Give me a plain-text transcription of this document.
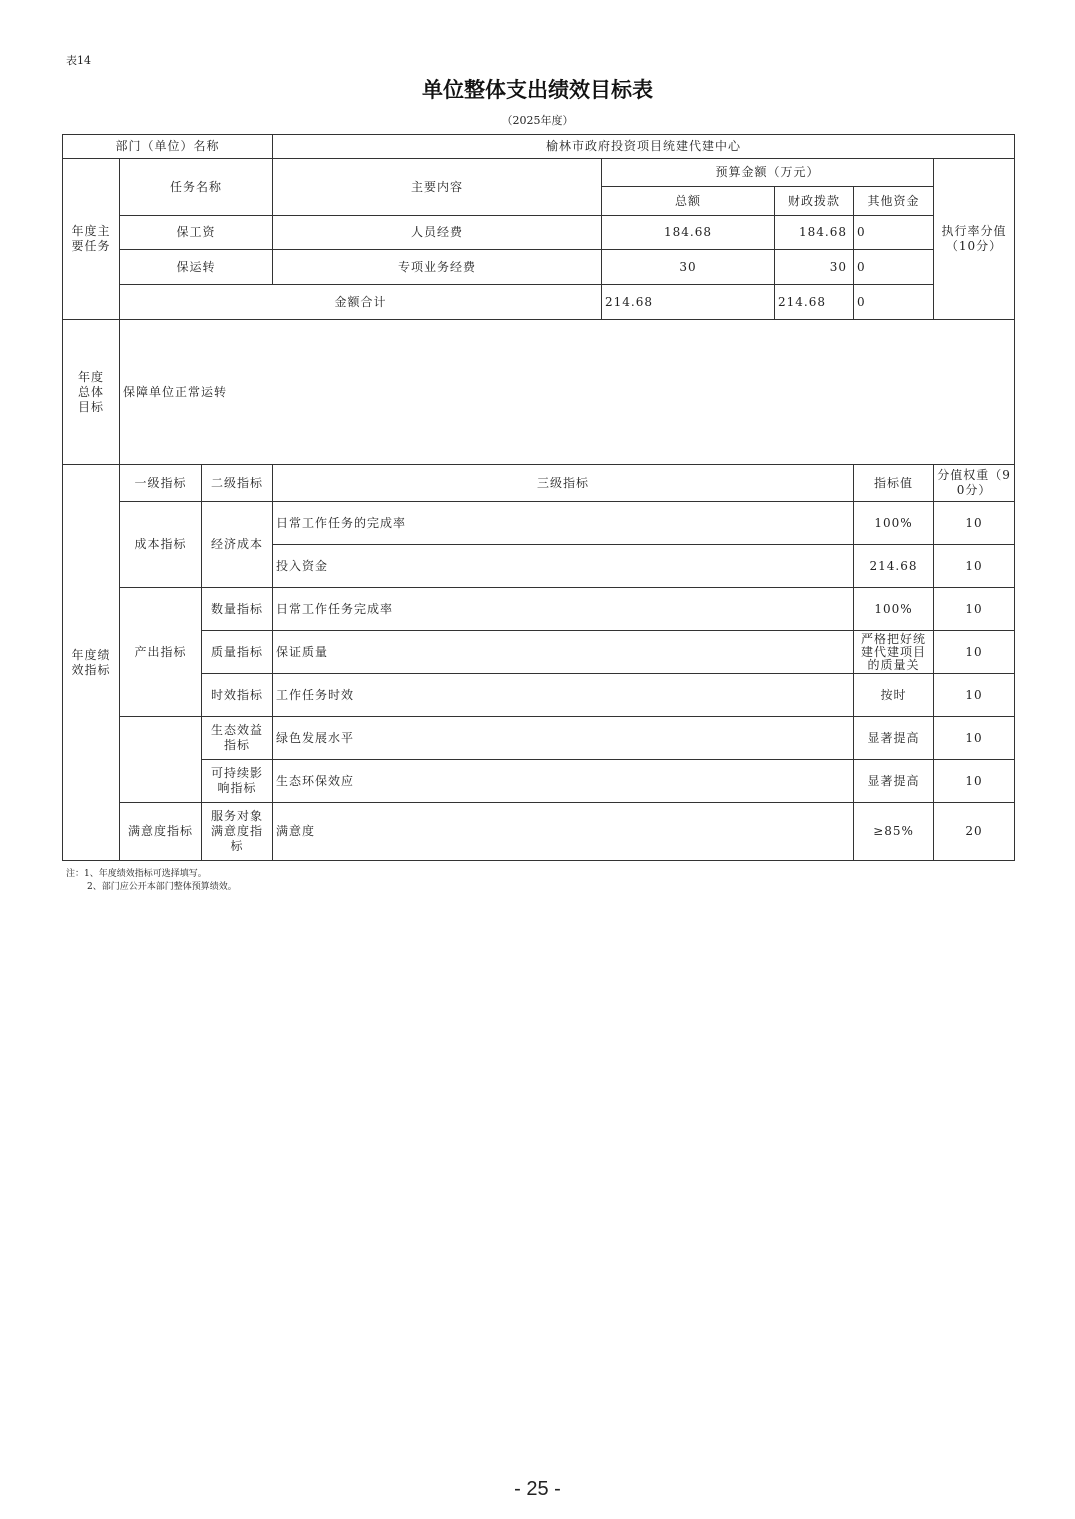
表14
单位整体支出绩效目标表
（2025年度）
部门（单位）名称			榆林市政府投资项目统建代建中心				
年度主要任务	任务名称		主要内容	预算金额（万元）			执行率分值（10分）
				总额	财政拨款	其他资金	
	保工资		人员经费	184.68	184.68	0	
	保运转		专项业务经费	30	30	0	
	金额合计			214.68	214.68	0	
年度总体目标	保障单位正常运转						
年度绩效指标	一级指标	二级指标	三级指标			指标值	分值权重（90分）
	成本指标	经济成本	日常工作任务的完成率			100%	10
			投入资金			214.68	10
	产出指标	数量指标	日常工作任务完成率			100%	10
		质量指标	保证质量			严格把好统建代建项目的质量关	10
		时效指标	工作任务时效			按时	10
		生态效益指标	绿色发展水平			显著提高	10
		可持续影响指标	生态环保效应			显著提高	10
	满意度指标	服务对象满意度指标	满意度			≥85%	20
注：1、年度绩效指标可选择填写。
2、部门应公开本部门整体预算绩效。
- 25 -
